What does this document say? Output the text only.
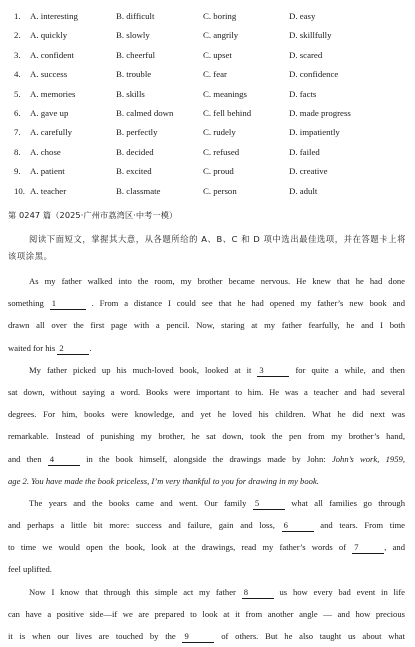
1.	A. interesting	B. difficult	C. boring	D. easy
2.	A. quickly	B. slowly	C. angrily	D. skillfully
3.	A. confident	B. cheerful	C. upset	D. scared
4.	A. success	B. trouble	C. fear	D. confidence
5.	A. memories	B. skills	C. meanings	D. facts
6.	A. gave up	B. calmed down	C. fell behind	D. made progress
7.	A. carefully	B. perfectly	C. rudely	D. impatiently
8.	A. chose	B. decided	C. refused	D. failed
9.	A. patient	B. excited	C. proud	D. creative
10. A. teacher	B. classmate	C. person	D. adult
第 0247 篇（2025·广州市荔湾区·中考一模）
阅读下面短文，掌握其大意，从各题所给的 A、B、C 和 D 项中选出最佳选项，并在答题卡上将该项涂黑。
As my father walked into the room, my brother became nervous. He knew that he had done
something 1	. From a distance I could see that he had opened my father’s new book and
drawn all over the first page with a pencil. Now, staring at my father fearfully, he and I both
waited for his 2	.
My father picked up his much-loved book, looked at it 3	for quite a while, and then
sat down, without saying a word. Books were important to him. He was a teacher and had several
degrees. For him, books were knowledge, and yet he loved his children. What he did next was
remarkable. Instead of punishing my brother, he sat down, took the pen from my brother’s hand,
and then 4	in the book himself, alongside the drawings made by John: John’s work, 1959,
age 2. You have made the book priceless, I’m very thankful to you for drawing in my book.
The years and the books came and went. Our family 5	what all families go through
and perhaps a little bit more: success and failure, gain and loss, 6	and tears. From time
to time we would open the book, look at the drawings, read my father’s words of 7	, and
feel uplifted.
Now I know that through this simple act my father 8	us how every bad event in life
can have a positive side—if we are prepared to look at it from another angle — and how precious
it is when our lives are touched by the 9	of others. But he also taught us about what
